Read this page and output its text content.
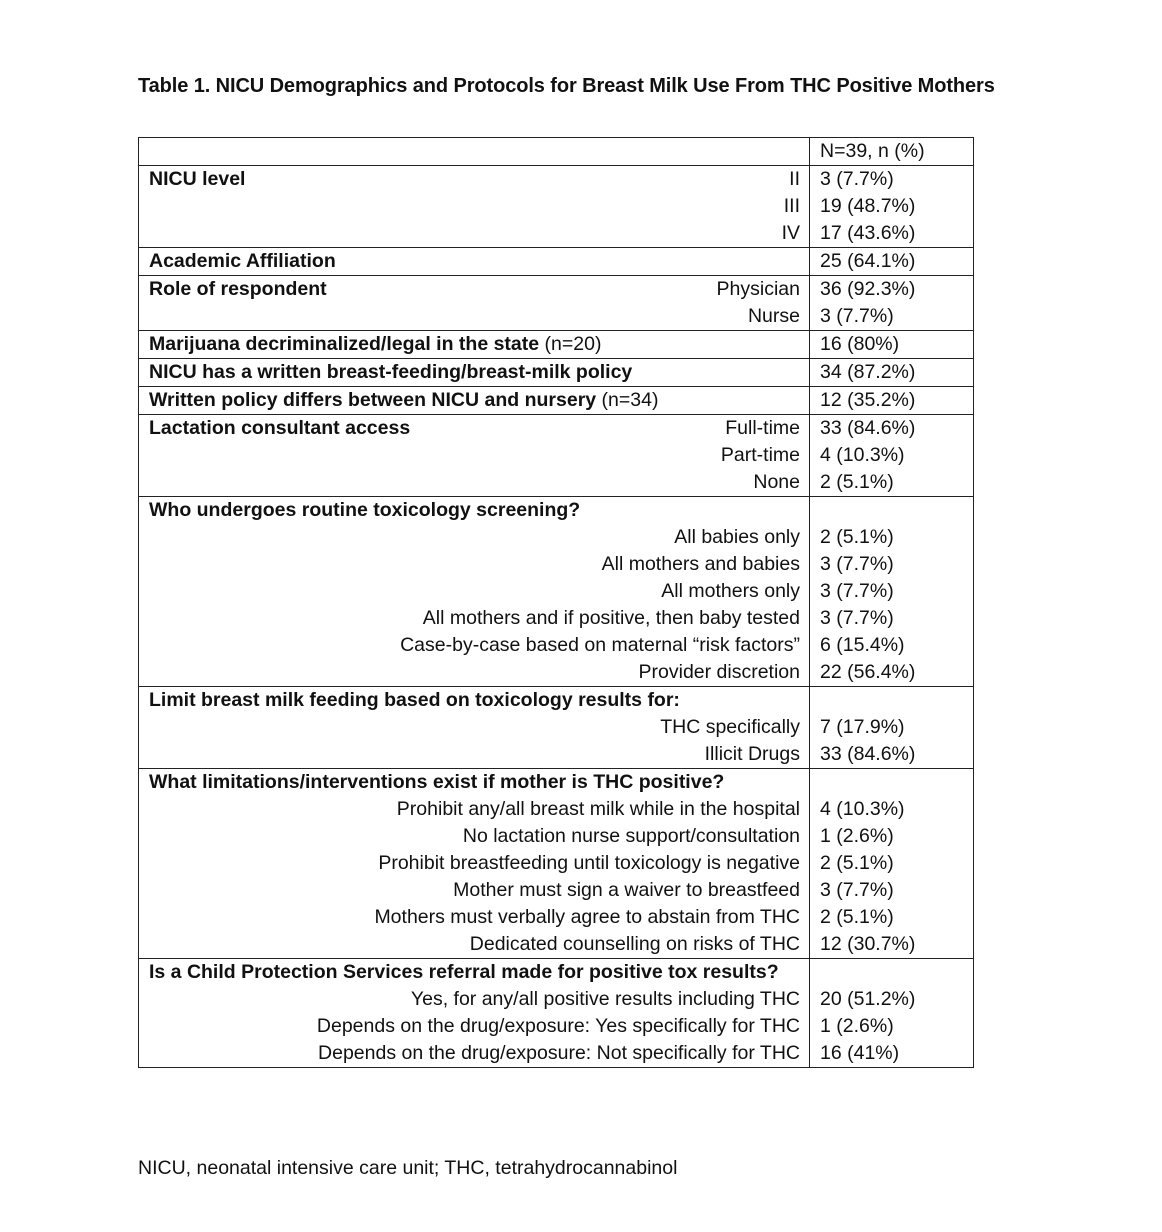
Table 1. NICU Demographics and Protocols for Breast Milk Use From THC Positive Mothers
		N=39, n (%)
NICU level	II	3 (7.7%)
	III	19 (48.7%)
	IV	17 (43.6%)
Academic Affiliation		25 (64.1%)
Role of respondent	Physician	36 (92.3%)
	Nurse	3 (7.7%)
Marijuana decriminalized/legal in the state (n=20)		16 (80%)
NICU has a written breast-feeding/breast-milk policy		34 (87.2%)
Written policy differs between NICU and nursery (n=34)		12 (35.2%)
Lactation consultant access	Full-time	33 (84.6%)
	Part-time	4 (10.3%)
	None	2 (5.1%)
Who undergoes routine toxicology screening?		
All babies only		2 (5.1%)
All mothers and babies		3 (7.7%)
All mothers only		3 (7.7%)
All mothers and if positive, then baby tested		3 (7.7%)
Case-by-case based on maternal “risk factors”		6 (15.4%)
Provider discretion		22 (56.4%)
Limit breast milk feeding based on toxicology results for:		
THC specifically		7 (17.9%)
Illicit Drugs		33 (84.6%)
What limitations/interventions exist if mother is THC positive?		
Prohibit any/all breast milk while in the hospital		4 (10.3%)
No lactation nurse support/consultation		1 (2.6%)
Prohibit breastfeeding until toxicology is negative		2 (5.1%)
Mother must sign a waiver to breastfeed		3 (7.7%)
Mothers must verbally agree to abstain from THC		2 (5.1%)
Dedicated counselling on risks of THC		12 (30.7%)
Is a Child Protection Services referral made for positive tox results?		
Yes, for any/all positive results including THC		20 (51.2%)
Depends on the drug/exposure: Yes specifically for THC		1 (2.6%)
Depends on the drug/exposure: Not specifically for THC		16 (41%)
NICU, neonatal intensive care unit; THC, tetrahydrocannabinol
